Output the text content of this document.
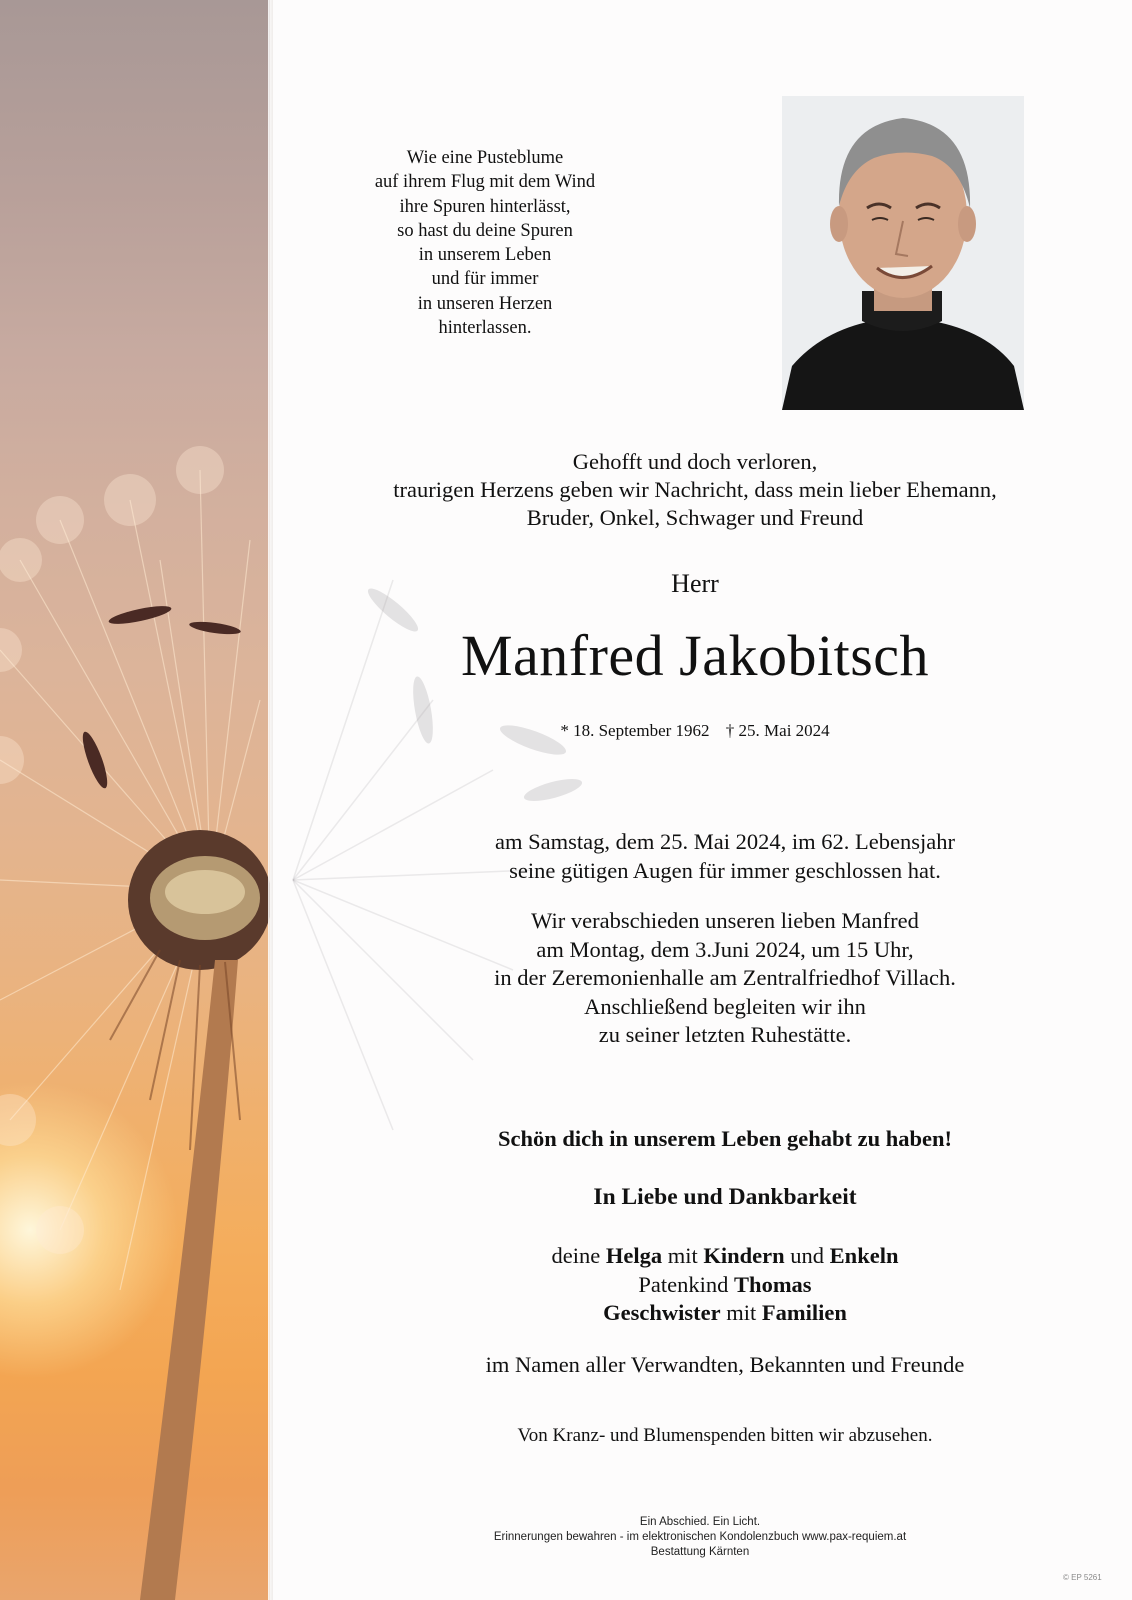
Wie eine Pusteblume
auf ihrem Flug mit dem Wind
ihre Spuren hinterlässt,
so hast du deine Spuren
in unserem Leben
und für immer
in unseren Herzen
hinterlassen.
Gehofft und doch verloren,
traurigen Herzens geben wir Nachricht, dass mein lieber Ehemann,
Bruder, Onkel, Schwager und Freund
Herr
Manfred Jakobitsch
* 18. September 1962 † 25. Mai 2024
am Samstag, dem 25. Mai 2024, im 62. Lebensjahr
seine gütigen Augen für immer geschlossen hat.
Wir verabschieden unseren lieben Manfred
am Montag, dem 3.Juni 2024, um 15 Uhr,
in der Zeremonienhalle am Zentralfriedhof Villach.
Anschließend begleiten wir ihn
zu seiner letzten Ruhestätte.
Schön dich in unserem Leben gehabt zu haben!
In Liebe und Dankbarkeit
deine Helga mit Kindern und Enkeln
Patenkind Thomas
Geschwister mit Familien
im Namen aller Verwandten, Bekannten und Freunde
Von Kranz- und Blumenspenden bitten wir abzusehen.
Ein Abschied. Ein Licht.
Erinnerungen bewahren - im elektronischen Kondolenzbuch www.pax-requiem.at
Bestattung Kärnten
© EP 5261
